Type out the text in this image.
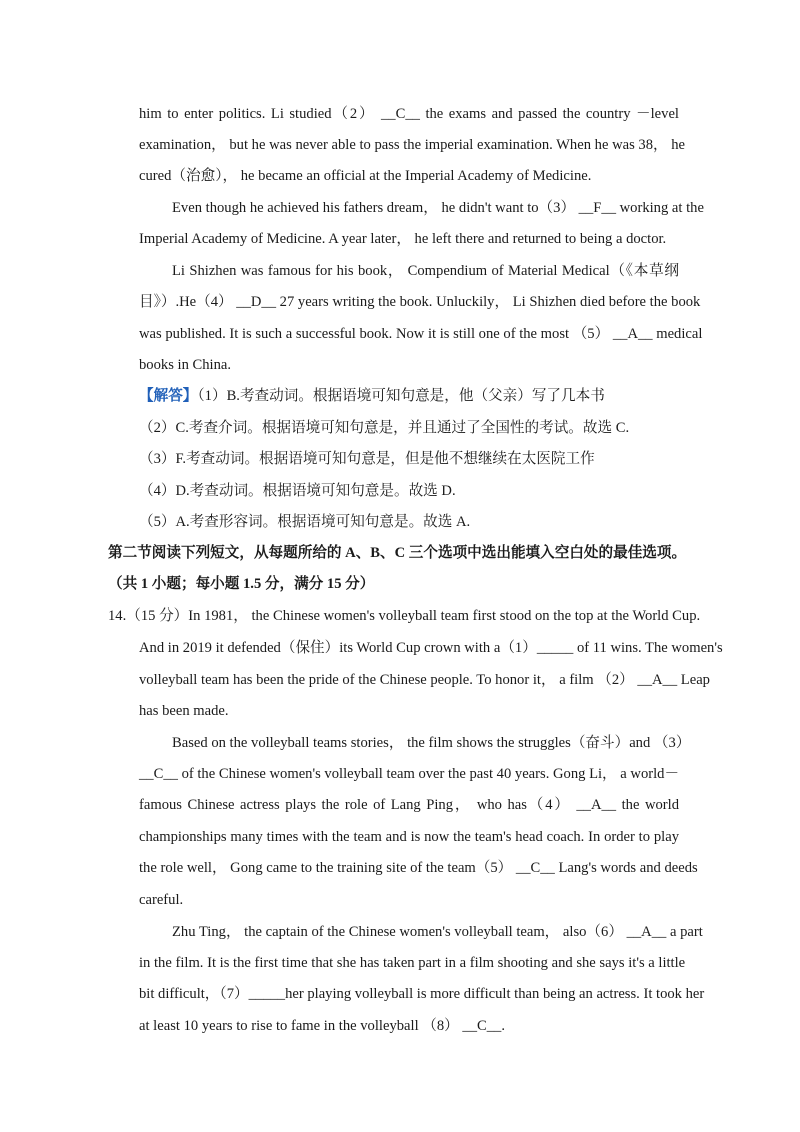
him to enter politics. Li studied（2） __C__ the exams and passed the country －level
examination， but he was never able to pass the imperial examination. When he was 38， he
cured（治愈）， he became an official at the Imperial Academy of Medicine.
Even though he achieved his fathers dream， he didn't want to（3） __F__ working at the
Imperial Academy of Medicine. A year later， he left there and returned to being a doctor.
Li Shizhen was famous for his book， Compendium of Material Medical（《本草纲
目》）.He（4） __D__ 27 years writing the book. Unluckily， Li Shizhen died before the book
was published. It is such a successful book. Now it is still one of the most （5） __A__ medical
books in China.
【解答】（1）B.考查动词。根据语境可知句意是，他（父亲）写了几本书
（2）C.考查介词。根据语境可知句意是，并且通过了全国性的考试。故选 C.
（3）F.考查动词。根据语境可知句意是，但是他不想继续在太医院工作
（4）D.考查动词。根据语境可知句意是。故选 D.
（5）A.考查形容词。根据语境可知句意是。故选 A.
第二节阅读下列短文，从每题所给的 A、B、C 三个选项中选出能填入空白处的最佳选项。
（共 1 小题；每小题 1.5 分，满分 15 分）
14.（15 分）In 1981， the Chinese women's volleyball team first stood on the top at the World Cup.
And in 2019 it defended（保住）its World Cup crown with a（1）_____ of 11 wins. The women's
volleyball team has been the pride of the Chinese people. To honor it， a film （2） __A__ Leap
has been made.
Based on the volleyball teams stories， the film shows the struggles（奋斗）and （3）
__C__ of the Chinese women's volleyball team over the past 40 years. Gong Li， a world－
famous Chinese actress plays the role of Lang Ping， who has（4） __A__ the world
championships many times with the team and is now the team's head coach. In order to play
the role well， Gong came to the training site of the team（5） __C__ Lang's words and deeds
careful.
Zhu Ting， the captain of the Chinese women's volleyball team， also（6） __A__ a part
in the film. It is the first time that she has taken part in a film shooting and she says it's a little
bit difficult，（7）_____her playing volleyball is more difficult than being an actress. It took her
at least 10 years to rise to fame in the volleyball （8） __C__.
